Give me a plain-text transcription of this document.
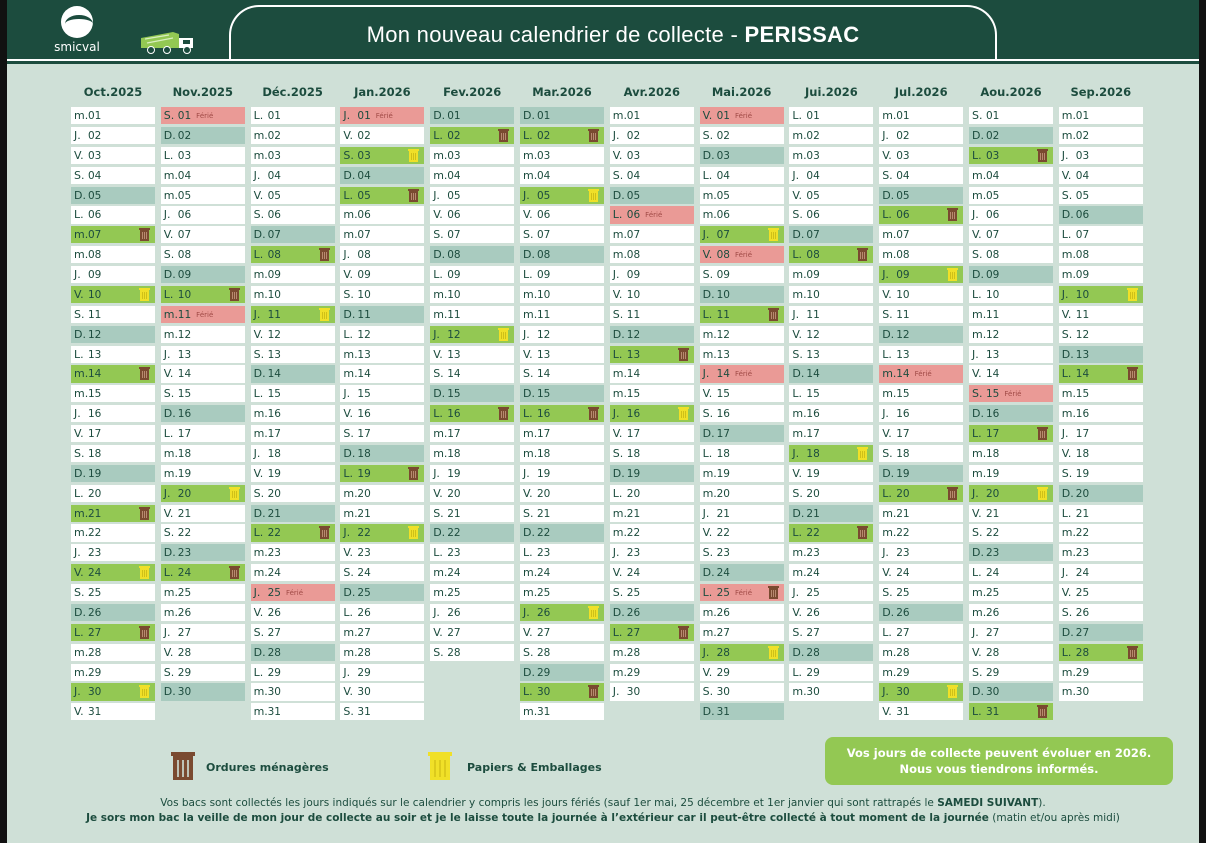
smicval	Mon nouveau calendrier de collecte - PERISSAC
Oct.2025
m.01
J. 02
V. 03
S. 04
D. 05
L. 06
m.07
m.08
J. 09
V. 10
S. 11
D. 12
L. 13
m.14
m.15
J. 16
V. 17
S. 18
D. 19
L. 20
m.21
m.22
J. 23
V. 24
S. 25
D. 26
L. 27
m.28
m.29
J. 30
V. 31
Nov.2025
S. 01 Férié
D. 02
L. 03
m.04
m.05
J. 06
V. 07
S. 08
D. 09
L. 10
m.11 Férié
m.12
J. 13
V. 14
S. 15
D. 16
L. 17
m.18
m.19
J. 20
V. 21
S. 22
D. 23
L. 24
m.25
m.26
J. 27
V. 28
S. 29
D. 30
Déc.2025
L. 01
m.02
m.03
J. 04
V. 05
S. 06
D. 07
L. 08
m.09
m.10
J. 11
V. 12
S. 13
D. 14
L. 15
m.16
m.17
J. 18
V. 19
S. 20
D. 21
L. 22
m.23
m.24
J. 25 Férié
V. 26
S. 27
D. 28
L. 29
m.30
m.31
Jan.2026
J. 01 Férié
V. 02
S. 03
D. 04
L. 05
m.06
m.07
J. 08
V. 09
S. 10
D. 11
L. 12
m.13
m.14
J. 15
V. 16
S. 17
D. 18
L. 19
m.20
m.21
J. 22
V. 23
S. 24
D. 25
L. 26
m.27
m.28
J. 29
V. 30
S. 31
Fev.2026
D. 01
L. 02
m.03
m.04
J. 05
V. 06
S. 07
D. 08
L. 09
m.10
m.11
J. 12
V. 13
S. 14
D. 15
L. 16
m.17
m.18
J. 19
V. 20
S. 21
D. 22
L. 23
m.24
m.25
J. 26
V. 27
S. 28
Mar.2026
D. 01
L. 02
m.03
m.04
J. 05
V. 06
S. 07
D. 08
L. 09
m.10
m.11
J. 12
V. 13
S. 14
D. 15
L. 16
m.17
m.18
J. 19
V. 20
S. 21
D. 22
L. 23
m.24
m.25
J. 26
V. 27
S. 28
D. 29
L. 30
m.31
Avr.2026
m.01
J. 02
V. 03
S. 04
D. 05
L. 06 Férié
m.07
m.08
J. 09
V. 10
S. 11
D. 12
L. 13
m.14
m.15
J. 16
V. 17
S. 18
D. 19
L. 20
m.21
m.22
J. 23
V. 24
S. 25
D. 26
L. 27
m.28
m.29
J. 30
Mai.2026
V. 01 Férié
S. 02
D. 03
L. 04
m.05
m.06
J. 07
V. 08 Férié
S. 09
D. 10
L. 11
m.12
m.13
J. 14 Férié
V. 15
S. 16
D. 17
L. 18
m.19
m.20
J. 21
V. 22
S. 23
D. 24
L. 25 Férié
m.26
m.27
J. 28
V. 29
S. 30
D. 31
Jui.2026
L. 01
m.02
m.03
J. 04
V. 05
S. 06
D. 07
L. 08
m.09
m.10
J. 11
V. 12
S. 13
D. 14
L. 15
m.16
m.17
J. 18
V. 19
S. 20
D. 21
L. 22
m.23
m.24
J. 25
V. 26
S. 27
D. 28
L. 29
m.30
Jul.2026
m.01
J. 02
V. 03
S. 04
D. 05
L. 06
m.07
m.08
J. 09
V. 10
S. 11
D. 12
L. 13
m.14 Férié
m.15
J. 16
V. 17
S. 18
D. 19
L. 20
m.21
m.22
J. 23
V. 24
S. 25
D. 26
L. 27
m.28
m.29
J. 30
V. 31
Aou.2026
S. 01
D. 02
L. 03
m.04
m.05
J. 06
V. 07
S. 08
D. 09
L. 10
m.11
m.12
J. 13
V. 14
S. 15 Férié
D. 16
L. 17
m.18
m.19
J. 20
V. 21
S. 22
D. 23
L. 24
m.25
m.26
J. 27
V. 28
S. 29
D. 30
L. 31
Sep.2026
m.01
m.02
J. 03
V. 04
S. 05
D. 06
L. 07
m.08
m.09
J. 10
V. 11
S. 12
D. 13
L. 14
m.15
m.16
J. 17
V. 18
S. 19
D. 20
L. 21
m.22
m.23
J. 24
V. 25
S. 26
D. 27
L. 28
m.29
m.30
Ordures ménagères	Papiers & Emballages
Vos jours de collecte peuvent évoluer en 2026.
Nous vous tiendrons informés.
Vos bacs sont collectés les jours indiqués sur le calendrier y compris les jours fériés (sauf 1er mai, 25 décembre et 1er janvier qui sont rattrapés le SAMEDI SUIVANT).
Je sors mon bac la veille de mon jour de collecte au soir et je le laisse toute la journée à l’extérieur car il peut-être collecté à tout moment de la journée (matin et/ou après midi)
